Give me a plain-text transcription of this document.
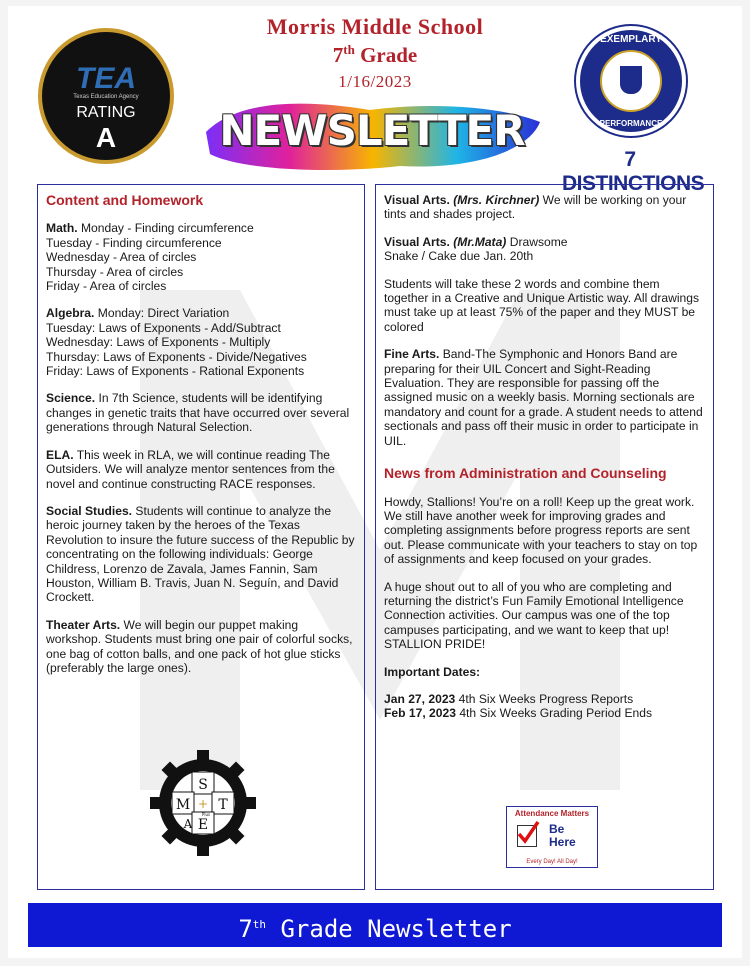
TEA
Texas Education Agency
RATING
A
Morris Middle School
7th Grade
1/16/2023
NEWSLETTER
EXEMPLARY
PERFORMANCE
7 DISTINCTIONS
Content and Homework

Math. Monday - Finding circumference
Tuesday - Finding circumference
Wednesday - Area of circles
Thursday - Area of circles
Friday - Area of circles

Algebra. Monday: Direct Variation
Tuesday: Laws of Exponents - Add/Subtract
Wednesday: Laws of Exponents - Multiply
Thursday: Laws of Exponents - Divide/Negatives
Friday: Laws of Exponents - Rational Exponents

Science. In 7th Science, students will be identifying changes in genetic traits that have occurred over several generations through Natural Selection.

ELA. This week in RLA, we will continue reading The Outsiders. We will analyze mentor sentences from the novel and continue constructing RACE responses.

Social Studies. Students will continue to analyze the heroic journey taken by the heroes of the Texas Revolution to insure the future success of the Republic by concentrating on the following individuals: George Childress, Lorenzo de Zavala, James Fannin, Sam Houston, William B. Travis, Juan N. Seguín, and David Crockett.

Theater Arts. We will begin our puppet making workshop. Students must bring one pair of colorful socks, one bag of cotton balls, and one pack of hot glue sticks (preferably the large ones).

S
M T
E
+
Plus
A

Visual Arts. (Mrs. Kirchner) We will be working on your tints and shades project.

Visual Arts. (Mr.Mata) Drawsome
Snake / Cake due Jan. 20th

Students will take these 2 words and combine them together in a Creative and Unique Artistic way. All drawings must take up at least 75% of the paper and they MUST be colored

Fine Arts. Band-The Symphonic and Honors Band are preparing for their UIL Concert and Sight-Reading Evaluation. They are responsible for passing off the assigned music on a weekly basis. Morning sectionals are mandatory and count for a grade. A student needs to attend sectionals and pass off their music in order to participate in UIL.

News from Administration and Counseling

Howdy, Stallions! You’re on a roll! Keep up the great work. We still have another week for improving grades and completing assignments before progress reports are sent out. Please communicate with your teachers to stay on top of assignments and keep focused on your grades.

A huge shout out to all of you who are completing and returning the district’s Fun Family Emotional Intelligence Connection activities. Our campus was one of the top campuses participating, and we want to keep that up! STALLION PRIDE!

Important Dates:

Jan 27, 2023 4th Six Weeks Progress Reports
Feb 17, 2023 4th Six Weeks Grading Period Ends

Attendance Matters
Be
Here
Every Day! All Day!
7th Grade Newsletter
